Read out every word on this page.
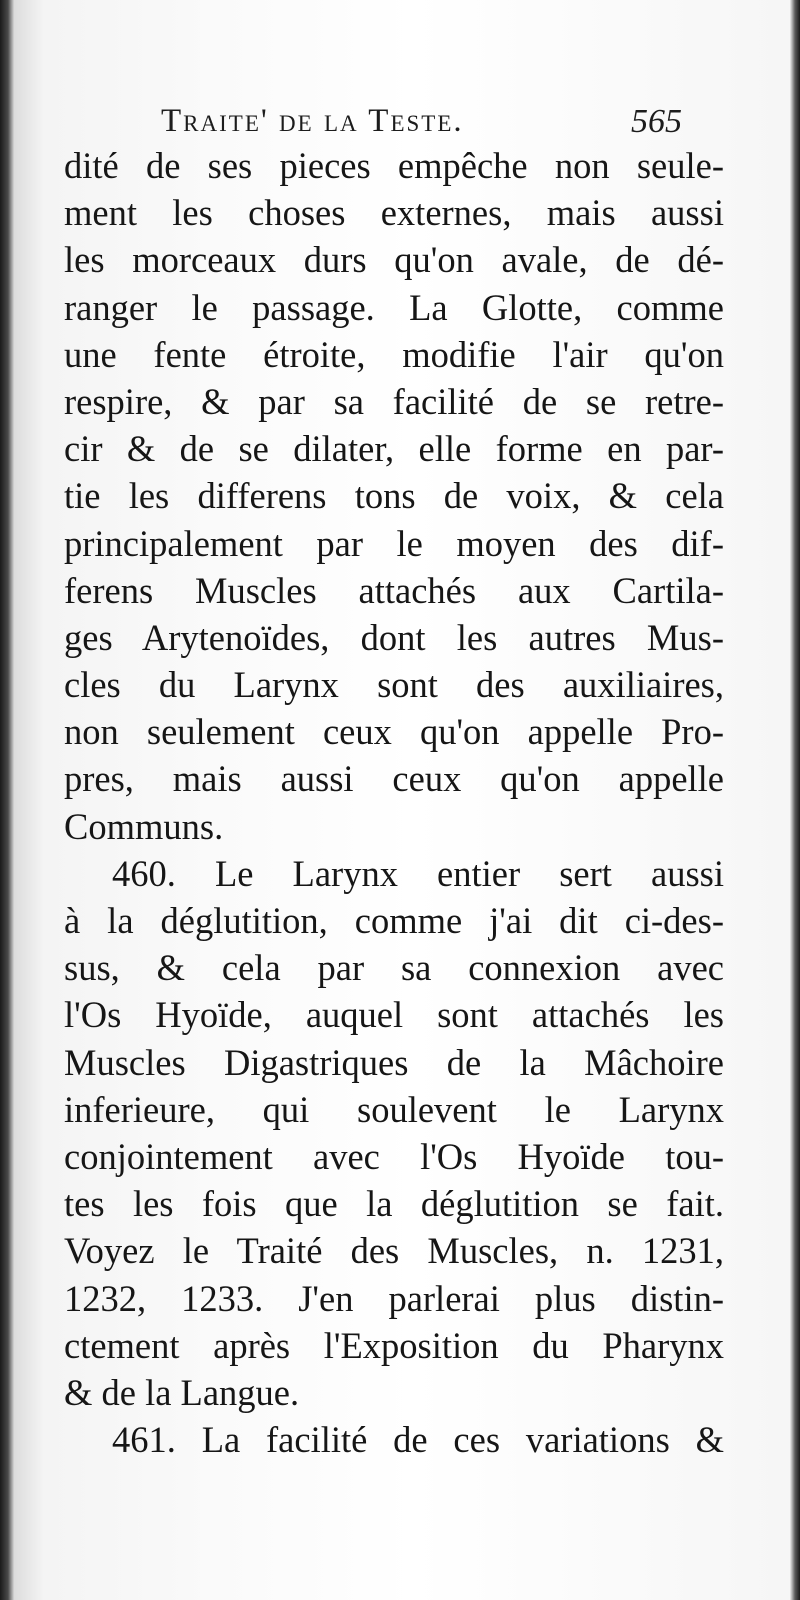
Traite' de la Teste.	565
dité de ses pieces empêche non seule-
ment les choses externes, mais aussi
les morceaux durs qu'on avale, de dé-
ranger le passage. La Glotte, comme
une fente étroite, modifie l'air qu'on
respire, & par sa facilité de se retre-
cir & de se dilater, elle forme en par-
tie les differens tons de voix, & cela
principalement par le moyen des dif-
ferens Muscles attachés aux Cartila-
ges Arytenoïdes, dont les autres Mus-
cles du Larynx sont des auxiliaires,
non seulement ceux qu'on appelle Pro-
pres, mais aussi ceux qu'on appelle
Communs.
460. Le Larynx entier sert aussi
à la déglutition, comme j'ai dit ci-des-
sus, & cela par sa connexion avec
l'Os Hyoïde, auquel sont attachés les
Muscles Digastriques de la Mâchoire
inferieure, qui soulevent le Larynx
conjointement avec l'Os Hyoïde tou-
tes les fois que la déglutition se fait.
Voyez le Traité des Muscles, n. 1231,
1232, 1233. J'en parlerai plus distin-
ctement après l'Exposition du Pharynx
& de la Langue.
461. La facilité de ces variations &
